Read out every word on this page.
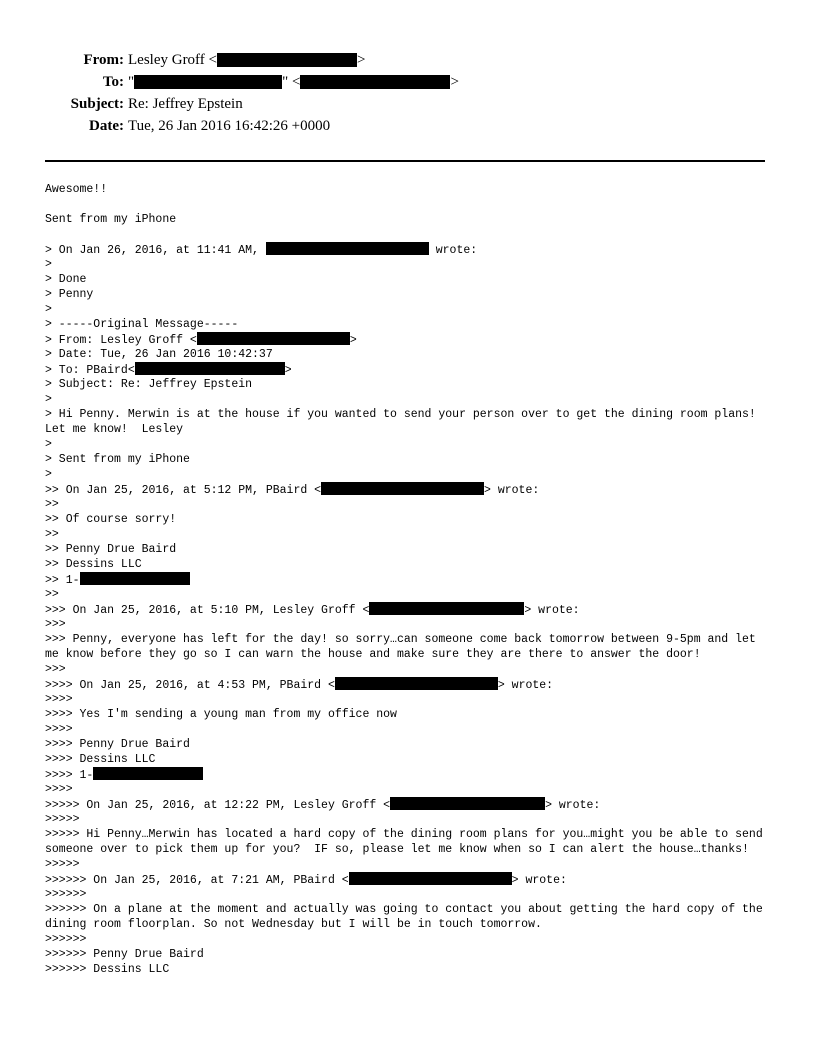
From: Lesley Groff <	>
To: "	" <	>
Subject: Re: Jeffrey Epstein
Date: Tue, 26 Jan 2016 16:42:26 +0000
Awesome!!
Sent from my iPhone
> On Jan 26, 2016, at 11:41 AM,	wrote:
>
> Done
> Penny
>
> -----Original Message-----
> From: Lesley Groff <	>
> Date: Tue, 26 Jan 2016 10:42:37
> To: PBaird<	>
> Subject: Re: Jeffrey Epstein
>
> Hi Penny. Merwin is at the house if you wanted to send your person over to get the dining room plans!  Let me know!  Lesley
>
> Sent from my iPhone
>
>> On Jan 25, 2016, at 5:12 PM, PBaird <	> wrote:
>>
>> Of course sorry!
>>
>> Penny Drue Baird
>> Dessins LLC
>> 1-
>>
>>> On Jan 25, 2016, at 5:10 PM, Lesley Groff <	> wrote:
>>>
>>> Penny, everyone has left for the day! so sorry…can someone come back tomorrow between 9-5pm and let me know before they go so I can warn the house and make sure they are there to answer the door!
>>>
>>>> On Jan 25, 2016, at 4:53 PM, PBaird <	> wrote:
>>>>
>>>> Yes I'm sending a young man from my office now
>>>>
>>>> Penny Drue Baird
>>>> Dessins LLC
>>>> 1-
>>>>
>>>>> On Jan 25, 2016, at 12:22 PM, Lesley Groff <	> wrote:
>>>>>
>>>>> Hi Penny…Merwin has located a hard copy of the dining room plans for you…might you be able to send someone over to pick them up for you?  IF so, please let me know when so I can alert the house…thanks!
>>>>>
>>>>>> On Jan 25, 2016, at 7:21 AM, PBaird <	> wrote:
>>>>>>
>>>>>> On a plane at the moment and actually was going to contact you about getting the hard copy of the dining room floorplan. So not Wednesday but I will be in touch tomorrow.
>>>>>>
>>>>>> Penny Drue Baird
>>>>>> Dessins LLC
